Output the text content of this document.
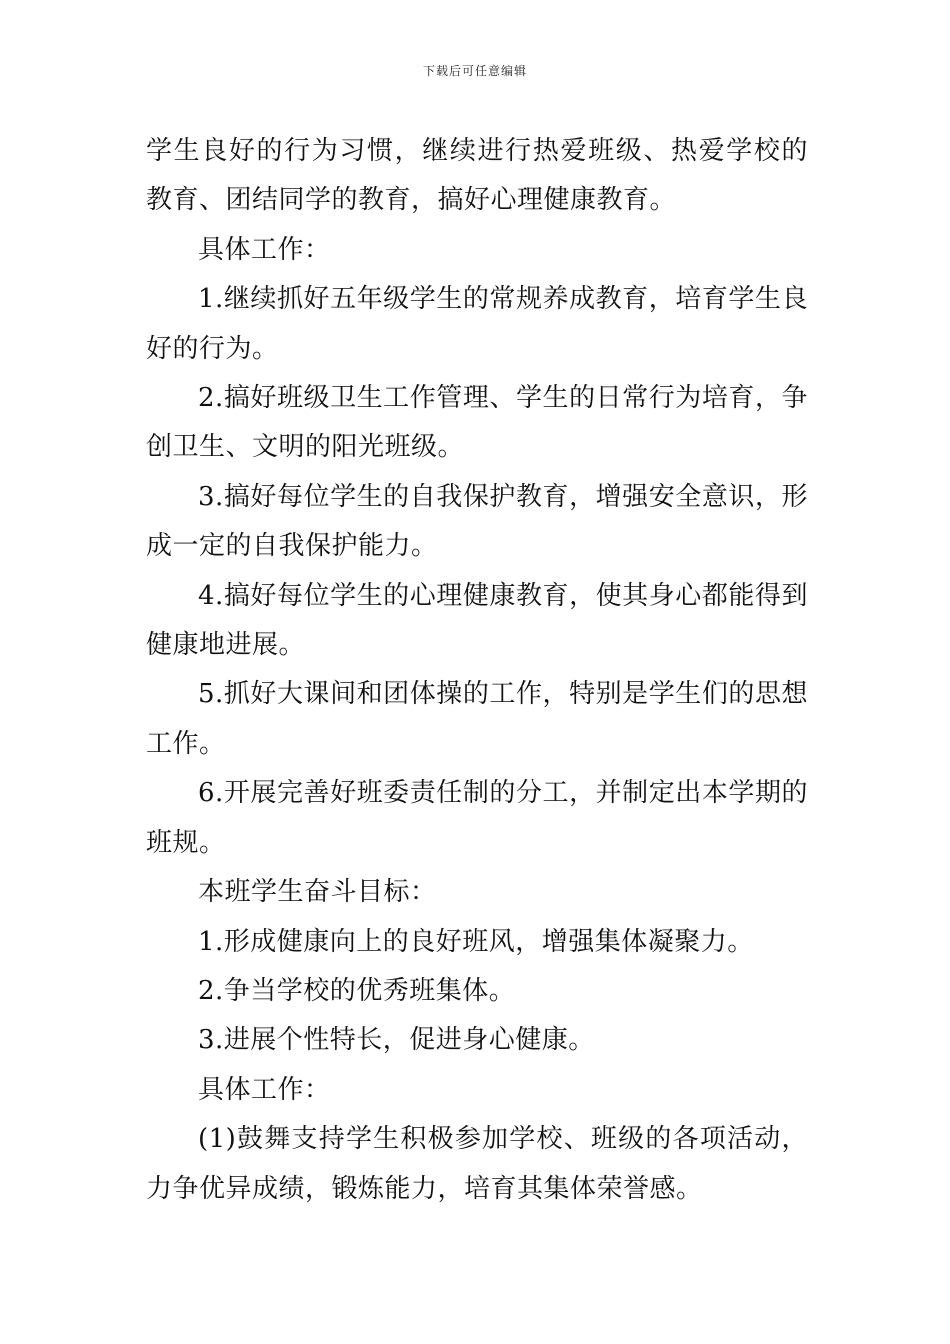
下载后可任意编辑

学生良好的行为习惯，继续进行热爱班级、热爱学校的教育、团结同学的教育，搞好心理健康教育。

具体工作：

1.继续抓好五年级学生的常规养成教育，培育学生良好的行为。

2.搞好班级卫生工作管理、学生的日常行为培育，争创卫生、文明的阳光班级。

3.搞好每位学生的自我保护教育，增强安全意识，形成一定的自我保护能力。

4.搞好每位学生的心理健康教育，使其身心都能得到健康地进展。

5.抓好大课间和团体操的工作，特别是学生们的思想工作。

6.开展完善好班委责任制的分工，并制定出本学期的班规。

本班学生奋斗目标：

1.形成健康向上的良好班风，增强集体凝聚力。

2.争当学校的优秀班集体。

3.进展个性特长，促进身心健康。

具体工作：

(1)鼓舞支持学生积极参加学校、班级的各项活动，力争优异成绩，锻炼能力，培育其集体荣誉感。
